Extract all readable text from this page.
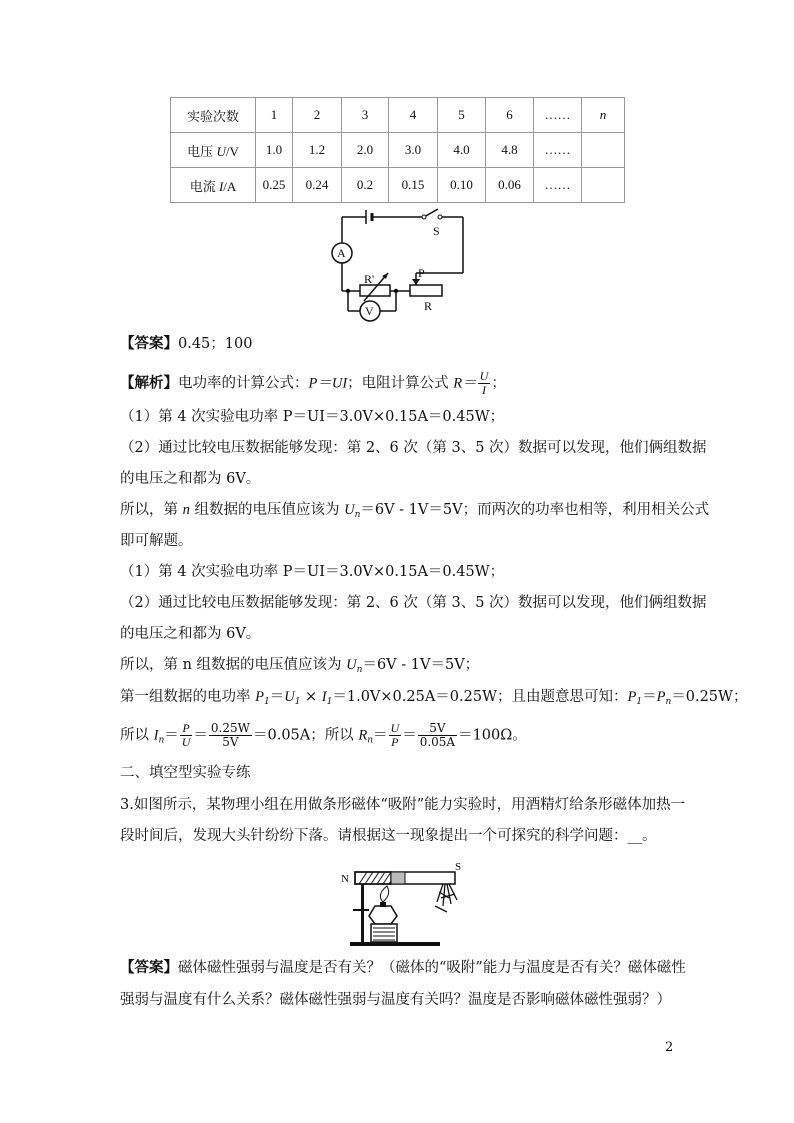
实验次数	1	2	3	4	5	6	……	n
电压 U/V	1.0	1.2	2.0	3.0	4.0	4.8	……	
电流 I/A	0.25	0.24	0.2	0.15	0.10	0.06	……	
A
V
S
R'	P
R
【答案】0.45；100
【解析】电功率的计算公式：P＝UI；电阻计算公式 $R= \frac{U}{I}$ ；
（1）第 4 次实验电功率 P＝UI＝3.0V×0.15A＝0.45W；
（2）通过比较电压数据能够发现：第 2、6 次（第 3、5 次）数据可以发现，他们俩组数据
的电压之和都为 6V。
所以，第 n 组数据的电压值应该为 $U_n=6V - 1V=5V$；而两次的功率也相等，利用相关公式
即可解题。
（1）第 4 次实验电功率 P＝UI＝3.0V×0.15A＝0.45W；
（2）通过比较电压数据能够发现：第 2、6 次（第 3、5 次）数据可以发现，他们俩组数据
的电压之和都为 6V。
所以，第 n 组数据的电压值应该为 $U_n=6V - 1V=5V$；
第一组数据的电功率 $P_1=U_1 \times I_1=1.0V\times 0.25A=0.25W$；且由题意思可知：$P_1=P_n=0.25W$；
所以 $I_n= \frac{P}{U} = \frac{0.25W}{5V} =0.05A$；所以 $R_n= \frac{U}{P} = \frac{5V}{0.05A} =100\Omega$。
二、填空型实验专练
3.如图所示，某物理小组在用做条形磁体“吸附”能力实验时，用酒精灯给条形磁体加热一
段时间后，发现大头针纷纷下落。请根据这一现象提出一个可探究的科学问题：__。
N
S
【答案】磁体磁性强弱与温度是否有关？（磁体的“吸附”能力与温度是否有关？磁体磁性
强弱与温度有什么关系？磁体磁性强弱与温度有关吗？温度是否影响磁体磁性强弱？）
2
